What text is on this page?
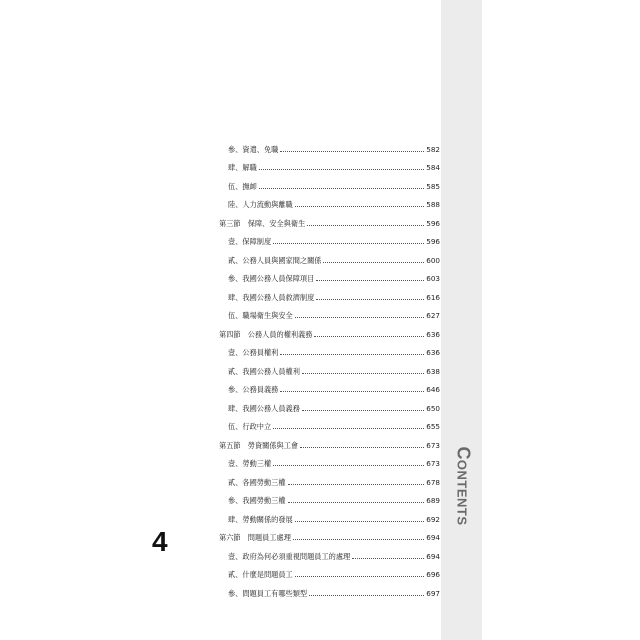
Contents
參、資遣、免職	582
肆、解職	584
伍、撫卹	585
陸、人力流動與離職	588
第三節　保障、安全與衛生	596
壹、保障制度	596
貳、公務人員與國家間之關係	600
參、我國公務人員保障項目	603
肆、我國公務人員救濟制度	616
伍、職場衛生與安全	627
第四節　公務人員的權利義務	636
壹、公務員權利	636
貳、我國公務人員權利	638
參、公務員義務	646
肆、我國公務人員義務	650
伍、行政中立	655
第五節　勞資關係與工會	673
壹、勞動三權	673
貳、各國勞動三權	678
參、我國勞動三權	689
肆、勞動關係的發展	692
第六節　問題員工處理	694
壹、政府為何必須重視問題員工的處理	694
貳、什麼是問題員工	696
參、問題員工有哪些類型	697
4
